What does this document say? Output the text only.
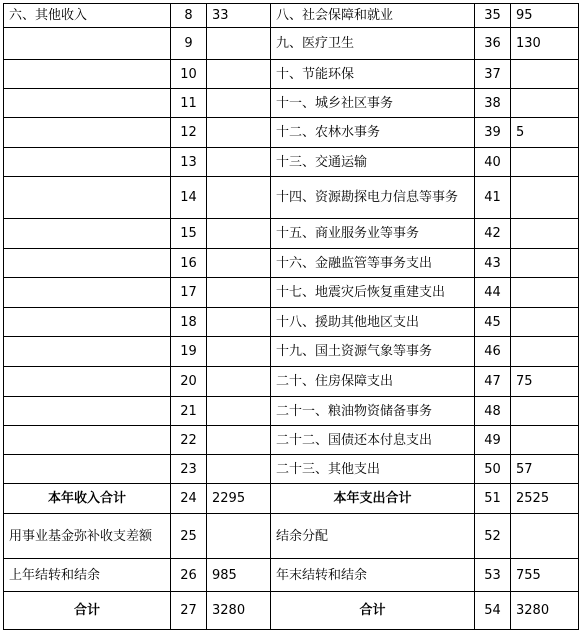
六、其他收入	8	33	八、社会保障和就业	35	95
	9		九、医疗卫生	36	130
	10		十、节能环保	37	
	11		十一、城乡社区事务	38	
	12		十二、农林水事务	39	5
	13		十三、交通运输	40	
	14		十四、资源勘探电力信息等事务	41	
	15		十五、商业服务业等事务	42	
	16		十六、金融监管等事务支出	43	
	17		十七、地震灾后恢复重建支出	44	
	18		十八、援助其他地区支出	45	
	19		十九、国土资源气象等事务	46	
	20		二十、住房保障支出	47	75
	21		二十一、粮油物资储备事务	48	
	22		二十二、国债还本付息支出	49	
	23		二十三、其他支出	50	57
本年收入合计	24	2295	本年支出合计	51	2525
用事业基金弥补收支差额	25		结余分配	52	
上年结转和结余	26	985	年末结转和结余	53	755
合计	27	3280	合计	54	3280
